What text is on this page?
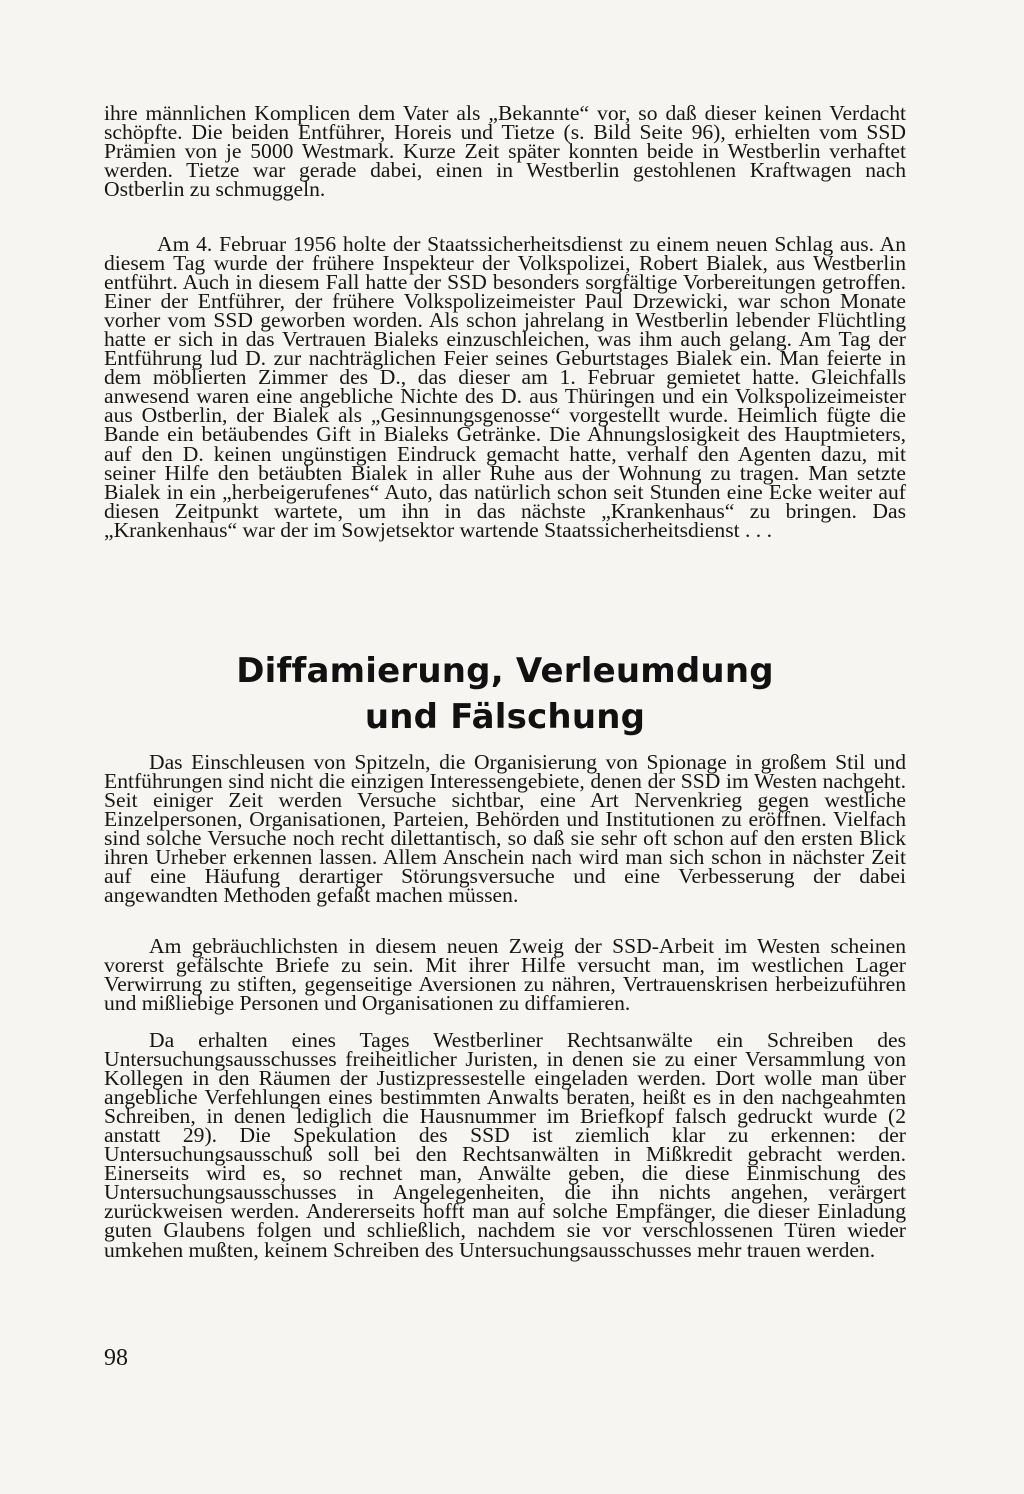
ihre männlichen Komplicen dem Vater als „Bekannte“ vor, so daß dieser keinen Verdacht schöpfte. Die beiden Entführer, Horeis und Tietze (s. Bild Seite 96), erhielten vom SSD Prämien von je 5000 Westmark. Kurze Zeit später konnten beide in Westberlin verhaftet werden. Tietze war gerade dabei, einen in Westberlin gestohlenen Kraftwagen nach Ostberlin zu schmuggeln.

Am 4. Februar 1956 holte der Staatssicherheitsdienst zu einem neuen Schlag aus. An diesem Tag wurde der frühere Inspekteur der Volkspolizei, Robert Bialek, aus Westberlin entführt. Auch in diesem Fall hatte der SSD besonders sorgfältige Vorbereitungen getroffen. Einer der Entführer, der frühere Volkspolizeimeister Paul Drzewicki, war schon Monate vorher vom SSD geworben worden. Als schon jahrelang in Westberlin lebender Flüchtling hatte er sich in das Vertrauen Bialeks einzuschleichen, was ihm auch gelang. Am Tag der Entführung lud D. zur nachträglichen Feier seines Geburtstages Bialek ein. Man feierte in dem möblierten Zimmer des D., das dieser am 1. Februar gemietet hatte. Gleichfalls anwesend waren eine angebliche Nichte des D. aus Thüringen und ein Volkspolizeimeister aus Ostberlin, der Bialek als „Gesinnungsgenosse“ vorgestellt wurde. Heimlich fügte die Bande ein betäubendes Gift in Bialeks Getränke. Die Ahnungslosigkeit des Hauptmieters, auf den D. keinen ungünstigen Eindruck gemacht hatte, verhalf den Agenten dazu, mit seiner Hilfe den betäubten Bialek in aller Ruhe aus der Wohnung zu tragen. Man setzte Bialek in ein „herbeigerufenes“ Auto, das natürlich schon seit Stunden eine Ecke weiter auf diesen Zeitpunkt wartete, um ihn in das nächste „Krankenhaus“ zu bringen. Das „Krankenhaus“ war der im Sowjetsektor wartende Staatssicherheitsdienst . . .

Diffamierung, Verleumdung
und Fälschung

Das Einschleusen von Spitzeln, die Organisierung von Spionage in großem Stil und Entführungen sind nicht die einzigen Interessengebiete, denen der SSD im Westen nachgeht. Seit einiger Zeit werden Versuche sichtbar, eine Art Nervenkrieg gegen westliche Einzelpersonen, Organisationen, Parteien, Behörden und Institutionen zu eröffnen. Vielfach sind solche Versuche noch recht dilettantisch, so daß sie sehr oft schon auf den ersten Blick ihren Urheber erkennen lassen. Allem Anschein nach wird man sich schon in nächster Zeit auf eine Häufung derartiger Störungsversuche und eine Verbesserung der dabei angewandten Methoden gefaßt machen müssen.

Am gebräuchlichsten in diesem neuen Zweig der SSD-Arbeit im Westen scheinen vorerst gefälschte Briefe zu sein. Mit ihrer Hilfe versucht man, im westlichen Lager Verwirrung zu stiften, gegenseitige Aversionen zu nähren, Vertrauenskrisen herbeizuführen und mißliebige Personen und Organisationen zu diffamieren.

Da erhalten eines Tages Westberliner Rechtsanwälte ein Schreiben des Untersuchungsausschusses freiheitlicher Juristen, in denen sie zu einer Versammlung von Kollegen in den Räumen der Justizpressestelle eingeladen werden. Dort wolle man über angebliche Verfehlungen eines bestimmten Anwalts beraten, heißt es in den nachgeahmten Schreiben, in denen lediglich die Hausnummer im Briefkopf falsch gedruckt wurde (2 anstatt 29). Die Spekulation des SSD ist ziemlich klar zu erkennen: der Untersuchungsausschuß soll bei den Rechtsanwälten in Mißkredit gebracht werden. Einerseits wird es, so rechnet man, Anwälte geben, die diese Einmischung des Untersuchungsausschusses in Angelegenheiten, die ihn nichts angehen, verärgert zurückweisen werden. Andererseits hofft man auf solche Empfänger, die dieser Einladung guten Glaubens folgen und schließlich, nachdem sie vor verschlossenen Türen wieder umkehen mußten, keinem Schreiben des Untersuchungsausschusses mehr trauen werden.

98
